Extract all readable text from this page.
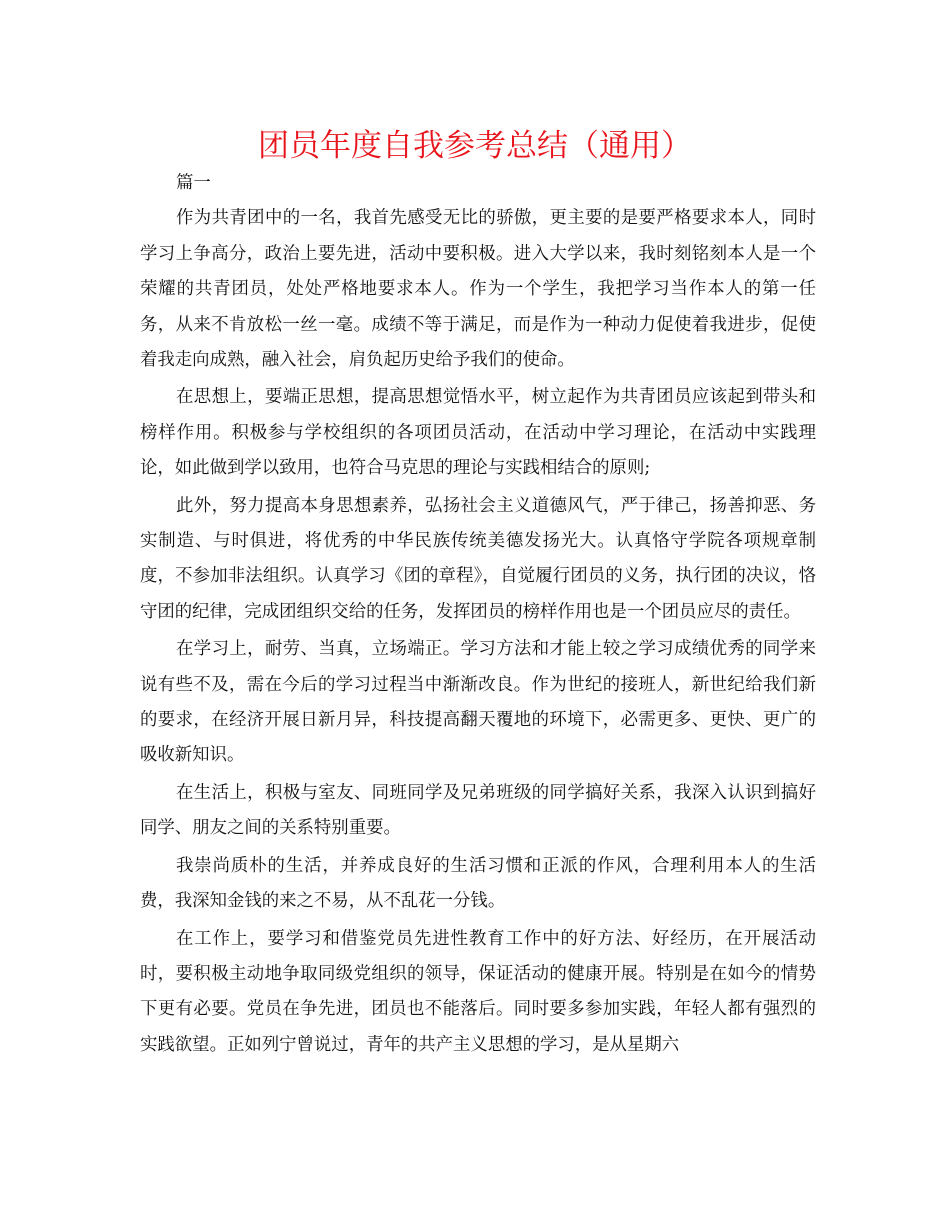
团员年度自我参考总结（通用）

篇一

作为共青团中的一名，我首先感受无比的骄傲，更主要的是要严格要求本人，同时学习上争高分，政治上要先进，活动中要积极。进入大学以来，我时刻铭刻本人是一个荣耀的共青团员，处处严格地要求本人。作为一个学生，我把学习当作本人的第一任务，从来不肯放松一丝一毫。成绩不等于满足，而是作为一种动力促使着我进步，促使着我走向成熟，融入社会，肩负起历史给予我们的使命。

在思想上，要端正思想，提高思想觉悟水平，树立起作为共青团员应该起到带头和榜样作用。积极参与学校组织的各项团员活动，在活动中学习理论，在活动中实践理论，如此做到学以致用，也符合马克思的理论与实践相结合的原则;

此外，努力提高本身思想素养，弘扬社会主义道德风气，严于律己，扬善抑恶、务实制造、与时俱进，将优秀的中华民族传统美德发扬光大。认真恪守学院各项规章制度，不参加非法组织。认真学习《团的章程》，自觉履行团员的义务，执行团的决议，恪守团的纪律，完成团组织交给的任务，发挥团员的榜样作用也是一个团员应尽的责任。

在学习上，耐劳、当真，立场端正。学习方法和才能上较之学习成绩优秀的同学来说有些不及，需在今后的学习过程当中渐渐改良。作为世纪的接班人，新世纪给我们新的要求，在经济开展日新月异，科技提高翻天覆地的环境下，必需更多、更快、更广的吸收新知识。

在生活上，积极与室友、同班同学及兄弟班级的同学搞好关系，我深入认识到搞好同学、朋友之间的关系特别重要。

我崇尚质朴的生活，并养成良好的生活习惯和正派的作风，合理利用本人的生活费，我深知金钱的来之不易，从不乱花一分钱。

在工作上，要学习和借鉴党员先进性教育工作中的好方法、好经历，在开展活动时，要积极主动地争取同级党组织的领导，保证活动的健康开展。特别是在如今的情势下更有必要。党员在争先进，团员也不能落后。同时要多参加实践，年轻人都有强烈的实践欲望。正如列宁曾说过，青年的共产主义思想的学习，是从星期六
